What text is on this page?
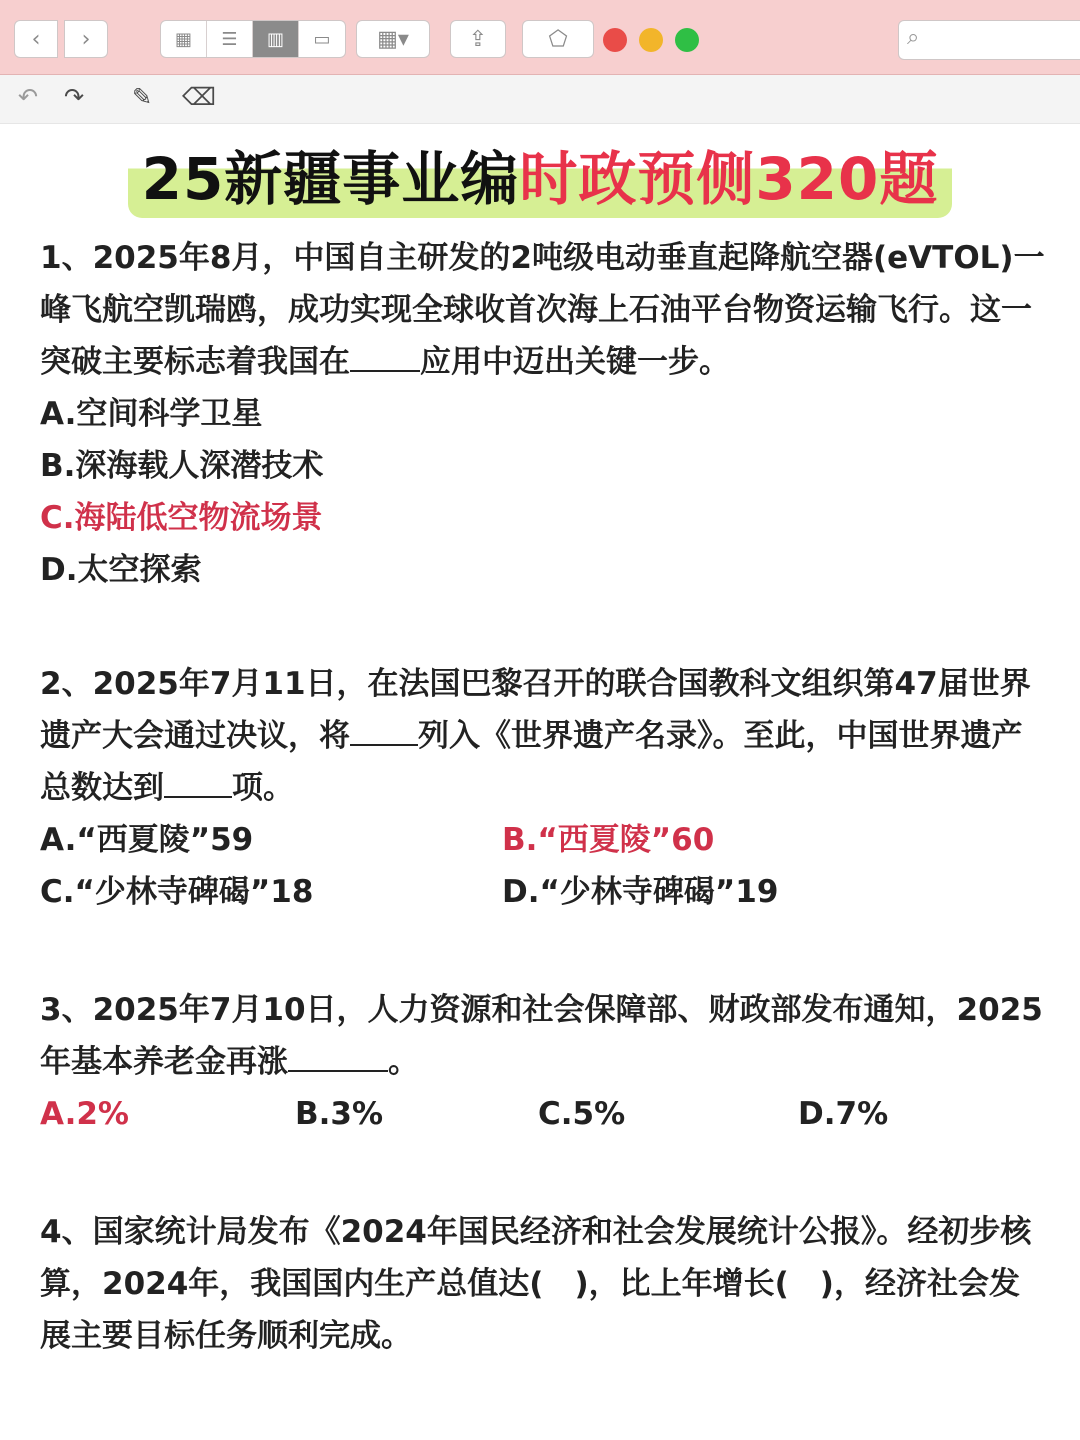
‹ ›	▦	☰	▥	▭	▦▾	⇪	⬠	⌕
↶ ↷ ✎ ⌫
25新疆事业编时政预侧320题

1、2025年8月，中国自主研发的2吨级电动垂直起降航空器(eVTOL)一峰飞航空凯瑞鸥，成功实现全球收首次海上石油平台物资运输飞行。这一突破主要标志着我国在 应用中迈出关键一步。

A.空间科学卫星

B.深海载人深潜技术

C.海陆低空物流场景

D.太空探索

2、2025年7月11日，在法国巴黎召开的联合国教科文组织第47届世界遗产大会通过决议，将 列入《世界遗产名录》。至此，中国世界遗产总数达到 项。

A.“西夏陵”59	B.“西夏陵”60
C.“少林寺碑碣”18	D.“少林寺碑碣”19

3、2025年7月10日，人力资源和社会保障部、财政部发布通知，2025年基本养老金再涨	。

A.2%	B.3%	C.5%	D.7%

4、国家统计局发布《2024年国民经济和社会发展统计公报》。经初步核算，2024年，我国国内生产总值达(　)，比上年增长(　)，经济社会发展主要目标任务顺利完成。
